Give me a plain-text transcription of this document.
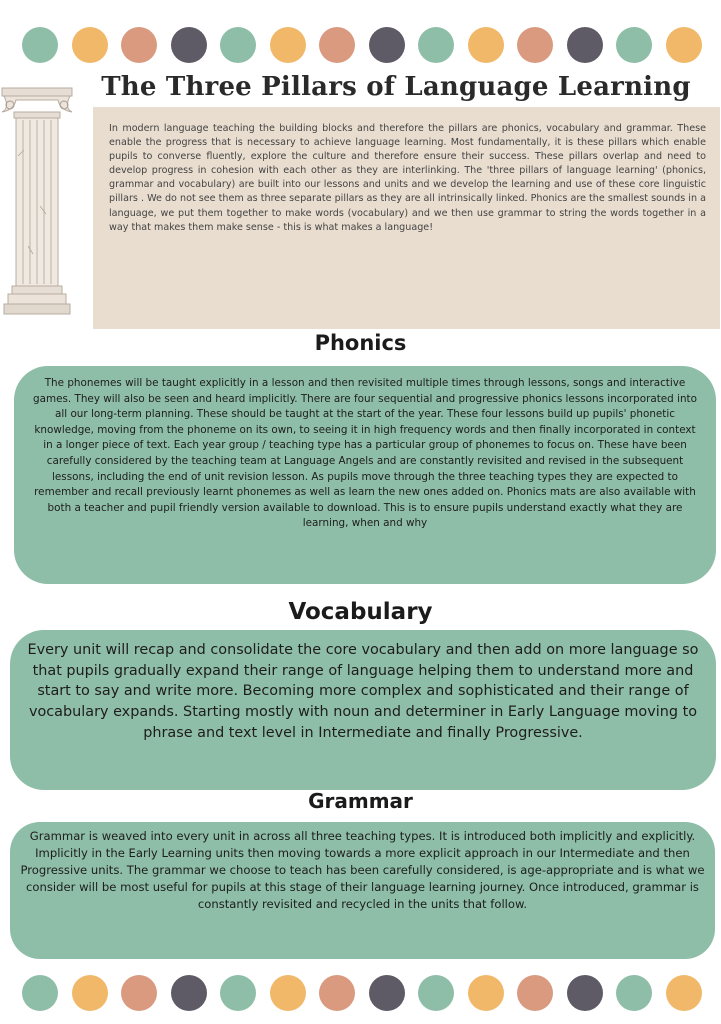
The Three Pillars of Language Learning

In modern language teaching the building blocks and therefore the pillars are phonics, vocabulary and grammar. These enable the progress that is necessary to achieve language learning. Most fundamentally, it is these pillars which enable pupils to converse fluently, explore the culture and therefore ensure their success. These pillars overlap and need to develop progress in cohesion with each other as they are interlinking. The 'three pillars of language learning' (phonics, grammar and vocabulary) are built into our lessons and units and we develop the learning and use of these core linguistic pillars . We do not see them as three separate pillars as they are all intrinsically linked. Phonics are the smallest sounds in a language, we put them together to make words (vocabulary) and we then use grammar to string the words together in a way that makes them make sense - this is what makes a language!

Phonics

The phonemes will be taught explicitly in a lesson and then revisited multiple times through lessons, songs and interactive games. They will also be seen and heard implicitly. There are four sequential and progressive phonics lessons incorporated into all our long-term planning. These should be taught at the start of the year. These four lessons build up pupils' phonetic knowledge, moving from the phoneme on its own, to seeing it in high frequency words and then finally incorporated in context in a longer piece of text. Each year group / teaching type has a particular group of phonemes to focus on. These have been carefully considered by the teaching team at Language Angels and are constantly revisited and revised in the subsequent lessons, including the end of unit revision lesson. As pupils move through the three teaching types they are expected to remember and recall previously learnt phonemes as well as learn the new ones added on. Phonics mats are also available with both a teacher and pupil friendly version available to download. This is to ensure pupils understand exactly what they are learning, when and why

Vocabulary

Every unit will recap and consolidate the core vocabulary and then add on more language so that pupils gradually expand their range of language helping them to understand more and start to say and write more. Becoming more complex and sophisticated and their range of vocabulary expands. Starting mostly with noun and determiner in Early Language moving to phrase and text level in Intermediate and finally Progressive.

Grammar

Grammar is weaved into every unit in across all three teaching types. It is introduced both implicitly and explicitly. Implicitly in the Early Learning units then moving towards a more explicit approach in our Intermediate and then Progressive units. The grammar we choose to teach has been carefully considered, is age-appropriate and is what we consider will be most useful for pupils at this stage of their language learning journey. Once introduced, grammar is constantly revisited and recycled in the units that follow.
